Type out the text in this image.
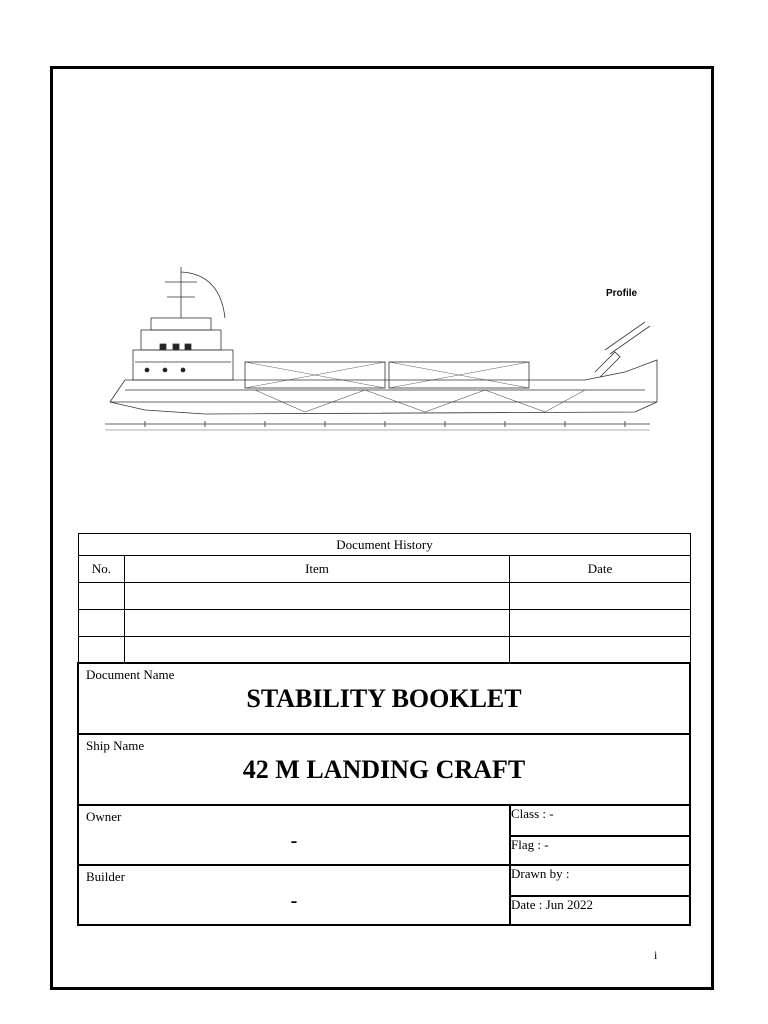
Profile
Document History		
No.	Item	Date

Document Name
STABILITY BOOKLET	

Ship Name
42 M LANDING CRAFT	

Owner
-	Class : -
	Flag : -

Builder
-	Drawn by :
	Date : Jun 2022
i
